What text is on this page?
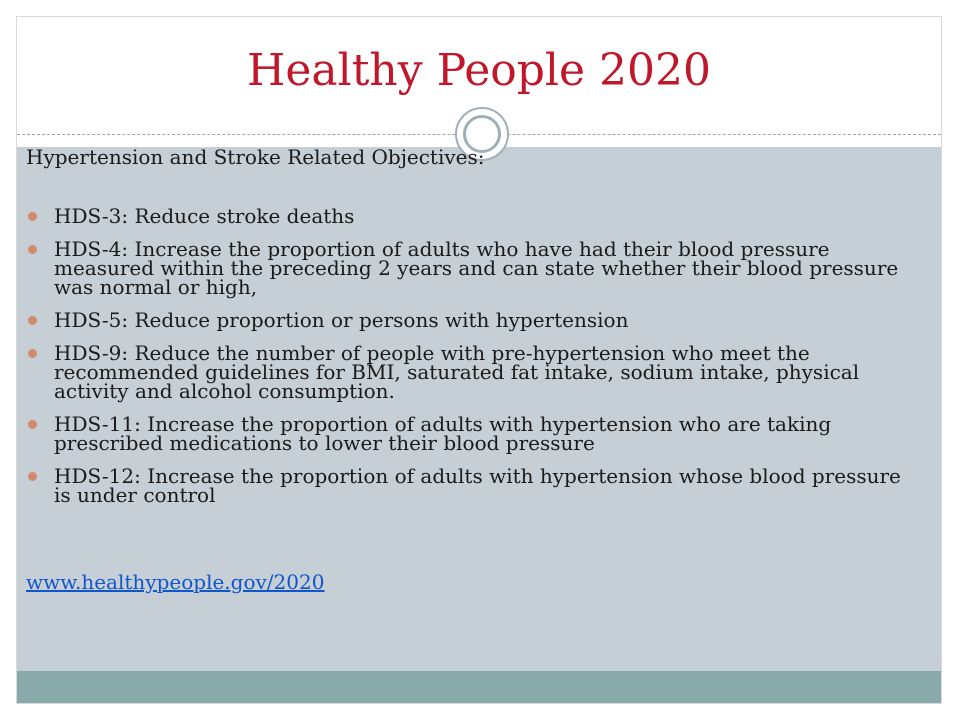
Healthy People 2020
Hypertension and Stroke Related Objectives:
HDS-3: Reduce stroke deaths
HDS-4: Increase the proportion of adults who have had their blood pressure measured within the preceding 2 years and can state whether their blood pressure was normal or high,
HDS-5: Reduce proportion or persons with hypertension
HDS-9: Reduce the number of people with pre-hypertension who meet the recommended guidelines for BMI, saturated fat intake, sodium intake, physical activity and alcohol consumption.
HDS-11: Increase the proportion of adults with hypertension who are taking prescribed medications to lower their blood pressure
HDS-12: Increase the proportion of adults with hypertension whose blood pressure is under control
www.healthypeople.gov/2020
